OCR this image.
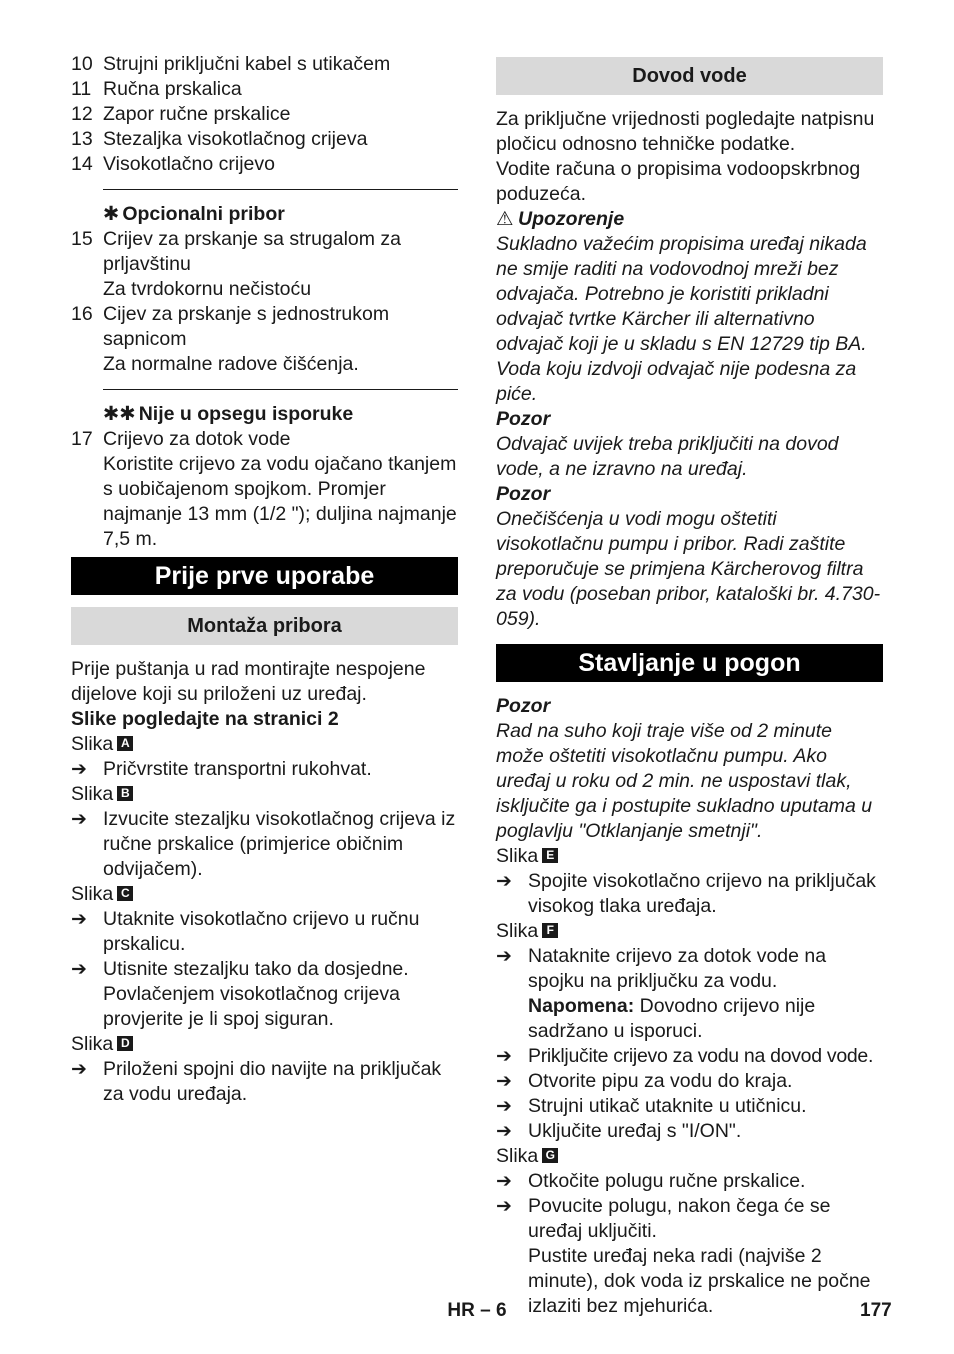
10 Strujni priključni kabel s utikačem
11 Ručna prskalica
12 Zapor ručne prskalice
13 Stezaljka visokotlačnog crijeva
14 Visokotlačno crijevo
✱ Opcionalni pribor
15 Crijev za prskanje sa strugalom za prljavštinu
Za tvrdokornu nečistoću
16 Cijev za prskanje s jednostrukom sapnicom
Za normalne radove čišćenja.
✱✱ Nije u opsegu isporuke
17 Crijevo za dotok vode
Koristite crijevo za vodu ojačano tkanjem s uobičajenom spojkom. Promjer najmanje 13 mm (1/2 "); duljina najmanje 7,5 m.
Prije prve uporabe
Montaža pribora

Prije puštanja u rad montirajte nespojene dijelove koji su priloženi uz uređaj.

Slike pogledajte na stranici 2

Slika A

➔ Pričvrstite transportni rukohvat.

Slika B

➔ Izvucite stezaljku visokotlačnog crijeva iz ručne prskalice (primjerice običnim odvijačem).

Slika C

➔ Utaknite visokotlačno crijevo u ručnu prskalicu.
➔ Utisnite stezaljku tako da dosjedne. Povlačenjem visokotlačnog crijeva provjerite je li spoj siguran.

Slika D

➔ Priloženi spojni dio navijte na priključak za vodu uređaja.
Dovod vode

Za priključne vrijednosti pogledajte natpisnu pločicu odnosno tehničke podatke.

Vodite računa o propisima vodoopskrbnog poduzeća.

⚠ Upozorenje

Sukladno važećim propisima uređaj nikada ne smije raditi na vodovodnoj mreži bez odvajača. Potrebno je koristiti prikladni odvajač tvrtke Kärcher ili alternativno odvajač koji je u skladu s EN 12729 tip BA.

Voda koju izdvoji odvajač nije podesna za piće.

Pozor

Odvajač uvijek treba priključiti na dovod vode, a ne izravno na uređaj.

Pozor

Onečišćenja u vodi mogu oštetiti visokotlačnu pumpu i pribor. Radi zaštite preporučuje se primjena Kärcherovog filtra za vodu (poseban pribor, kataloški br. 4.730-059).

Stavljanje u pogon

Pozor

Rad na suho koji traje više od 2 minute može oštetiti visokotlačnu pumpu. Ako uređaj u roku od 2 min. ne uspostavi tlak, isključite ga i postupite sukladno uputama u poglavlju "Otklanjanje smetnji".

Slika E

➔ Spojite visokotlačno crijevo na priključak visokog tlaka uređaja.

Slika F

➔ Nataknite crijevo za dotok vode na spojku na priključku za vodu.
Napomena: Dovodno crijevo nije sadržano u isporuci.
➔ Priključite crijevo za vodu na dovod vode.
➔ Otvorite pipu za vodu do kraja.
➔ Strujni utikač utaknite u utičnicu.
➔ Uključite uređaj s "I/ON".

Slika G

➔ Otkočite polugu ručne prskalice.
➔ Povucite polugu, nakon čega će se uređaj uključiti.
Pustite uređaj neka radi (najviše 2 minute), dok voda iz prskalice ne počne izlaziti bez mjehurića.
HR – 6	177
